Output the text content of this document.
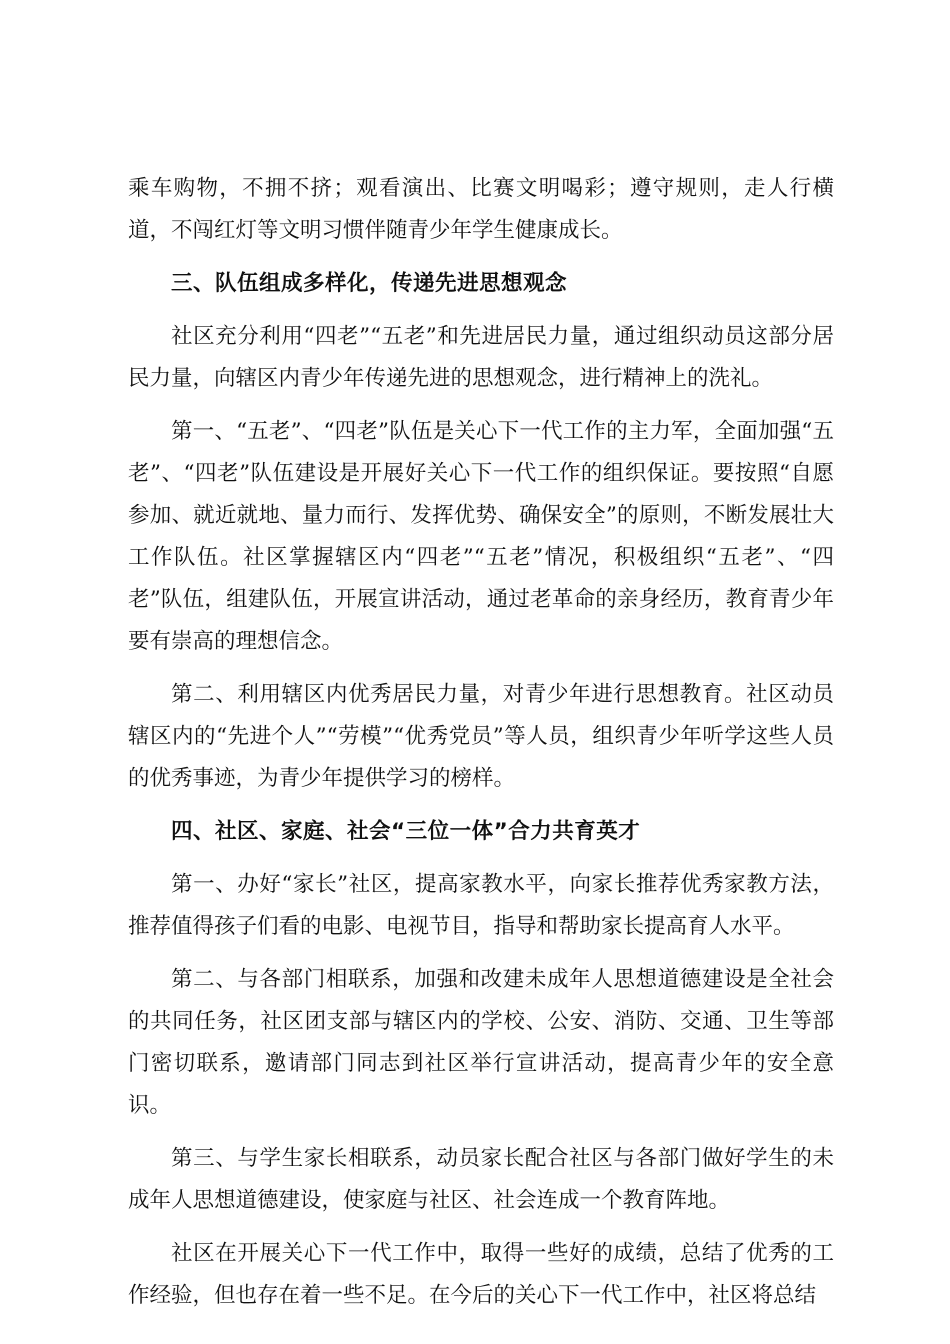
乘车购物，不拥不挤；观看演出、比赛文明喝彩；遵守规则，走人行横道，不闯红灯等文明习惯伴随青少年学生健康成长。

三、队伍组成多样化，传递先进思想观念

社区充分利用“四老”“五老”和先进居民力量，通过组织动员这部分居民力量，向辖区内青少年传递先进的思想观念，进行精神上的洗礼。

第一、“五老”、“四老”队伍是关心下一代工作的主力军，全面加强“五老”、“四老”队伍建设是开展好关心下一代工作的组织保证。要按照“自愿参加、就近就地、量力而行、发挥优势、确保安全”的原则，不断发展壮大工作队伍。社区掌握辖区内“四老”“五老”情况，积极组织“五老”、“四老”队伍，组建队伍，开展宣讲活动，通过老革命的亲身经历，教育青少年要有崇高的理想信念。

第二、利用辖区内优秀居民力量，对青少年进行思想教育。社区动员辖区内的“先进个人”“劳模”“优秀党员”等人员，组织青少年听学这些人员的优秀事迹，为青少年提供学习的榜样。

四、社区、家庭、社会“三位一体”合力共育英才

第一、办好“家长”社区，提高家教水平，向家长推荐优秀家教方法，推荐值得孩子们看的电影、电视节目，指导和帮助家长提高育人水平。

第二、与各部门相联系，加强和改建未成年人思想道德建设是全社会的共同任务，社区团支部与辖区内的学校、公安、消防、交通、卫生等部门密切联系，邀请部门同志到社区举行宣讲活动，提高青少年的安全意识。

第三、与学生家长相联系，动员家长配合社区与各部门做好学生的未成年人思想道德建设，使家庭与社区、社会连成一个教育阵地。

社区在开展关心下一代工作中，取得一些好的成绩，总结了优秀的工作经验，但也存在着一些不足。在今后的关心下一代工作中，社区将总结
